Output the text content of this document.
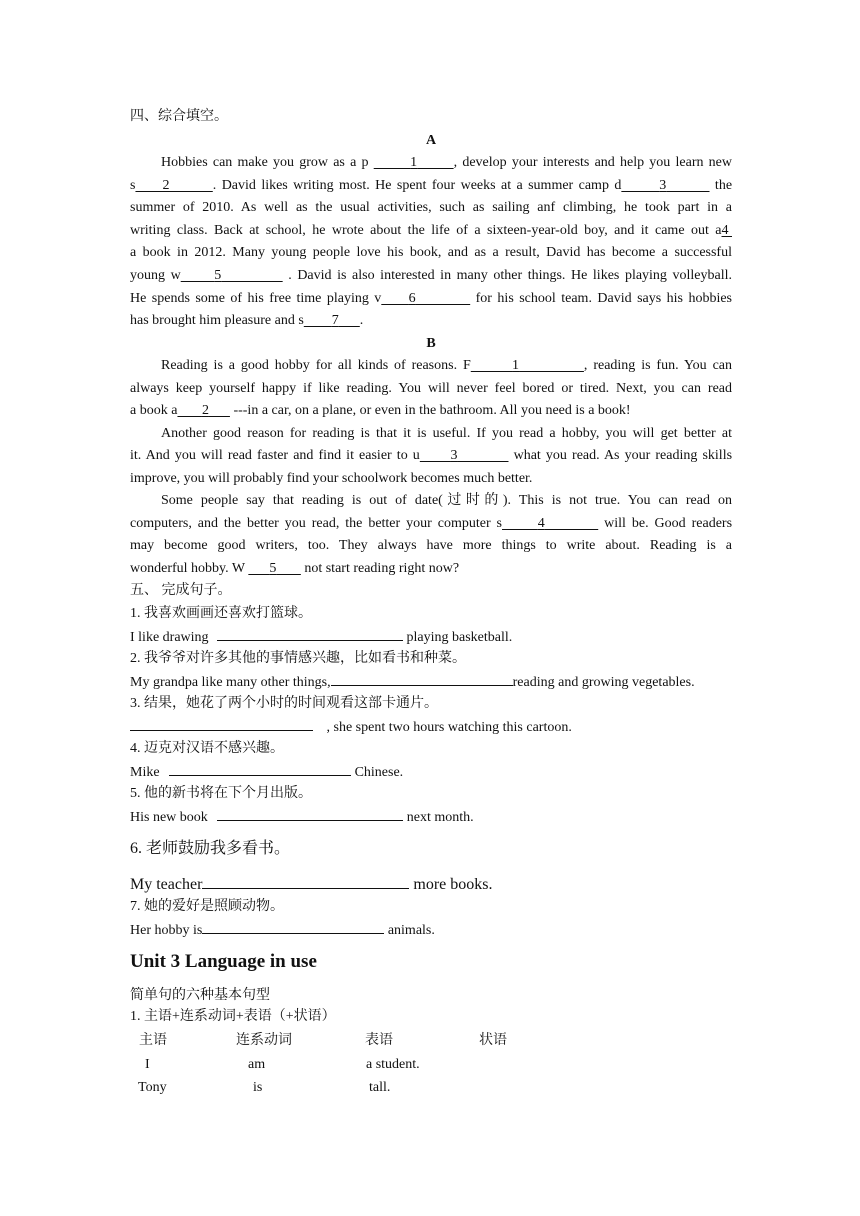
四、综合填空。
A
Hobbies can make you grow as a p	1	, develop your interests and help you learn new
s 2	. David likes writing most. He spent four weeks at a summer camp d	3	the
summer of 2010. As well as the usual activities, such as sailing anf climbing, he took part in a
writing class. Back at school, he wrote about the life of a sixteen-year-old boy, and it came out a4
a book in 2012. Many young people love his book, and as a result, David has become a successful
young w 5	. David is also interested in many other things. He likes playing volleyball.
He spends some of his free time playing v 6	for his school team. David says his hobbies
has brought him pleasure and s 7 .
B
Reading is a good hobby for all kinds of reasons. F	1	, reading is fun. You can
always keep yourself happy if like reading. You will never feel bored or tired. Next, you can read
a book a 2       ---in a car, on a plane, or even in the bathroom. All you need is a book!
Another good reason for reading is that it is useful. If you read a hobby, you will get better at
it. And you will read faster and find it easier to u 3	what you read. As your reading skills
improve, you will probably find your schoolwork becomes much better.
Some people say that reading is out of date(过时的). This is not true. You can read on
computers, and the better you read, the better your computer s	4	will be. Good readers
may become good writers, too. They always have more things to write about. Reading is a
wonderful hobby. W       5        not start reading right now?
五、 完成句子。
1. 我喜欢画画还喜欢打篮球。
I like drawing	playing basketball.
2. 我爷爷对许多其他的事情感兴趣，比如看书和种菜。
My grandpa like many other things,	reading and growing vegetables.
3. 结果，她花了两个小时的时间观看这部卡通片。
, she spent two hours watching this cartoon.
4. 迈克对汉语不感兴趣。
Mike	Chinese.
5. 他的新书将在下个月出版。
His new book	next month.
6. 老师鼓励我多看书。
My teacher	more books.
7. 她的爱好是照顾动物。
Her hobby is	animals.
Unit 3 Language in use
简单句的六种基本句型
1. 主语+连系动词+表语（+状语）
主语	连系动词	表语	状语
I	am	a student.
Tony	is	tall.
